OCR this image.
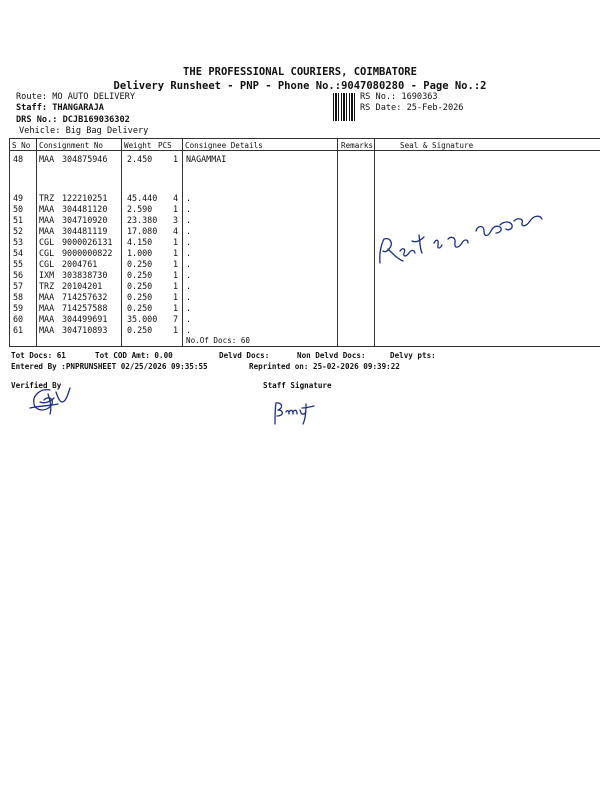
THE PROFESSIONAL COURIERS, COIMBATORE
Delivery Runsheet - PNP - Phone No.:9047080280 - Page No.:2
Route: MO AUTO DELIVERY
Staff: THANGARAJA
DRS No.: DCJB169036302
Vehicle: Big Bag Delivery
RS No.: 1690363
RS Date: 25-Feb-2026
S No Consignment No	Weight PCS Consignee Details	Remarks	Seal & Signature
48 MAA 304875946 2.450 1 NAGAMMAI
49 TRZ 122210251 45.440 4 .
50 MAA 304481120 2.590 1 .
51 MAA 304710920 23.380 3 .
52 MAA 304481119 17.080 4 .
53 CGL 9000026131 4.150 1 .
54 CGL 9000000822 1.000 1 .
55 CGL 2004761	0.250 1 .
56 IXM 303838730 0.250 1 .
57 TRZ 20104201	0.250 1 .
58 MAA 714257632 0.250 1 .
59 MAA 714257588 0.250 1 .
60 MAA 304499691 35.000 7 .
61 MAA 304710893 0.250 1 .
No.Of Docs: 60
Tot Docs: 61	Tot COD Amt: 0.00	Delvd Docs:	Non Delvd Docs:	Delvy pts:
Entered By :PNPRUNSHEET 02/25/2026 09:35:55	Reprinted on: 25-02-2026 09:39:22
Verified By	Staff Signature
